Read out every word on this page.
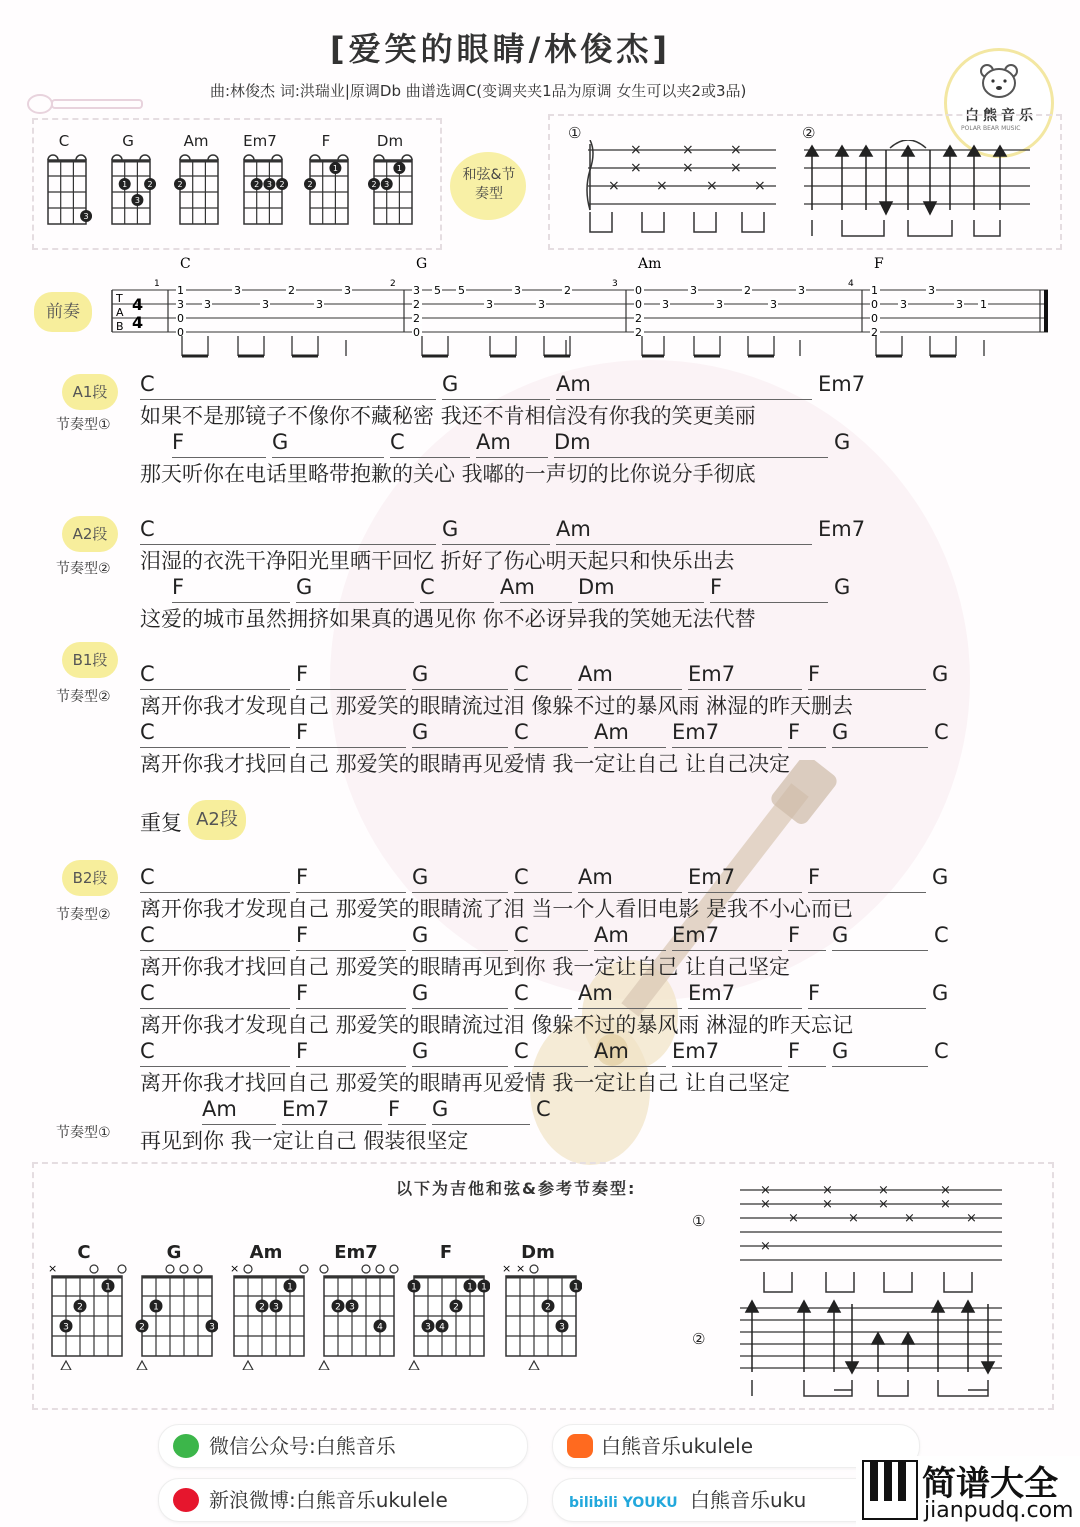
[爱笑的眼睛/林俊杰]
曲:林俊杰 词:洪瑞业|原调Db 曲谱选调C(变调夹夹1品为原调 女生可以夹2或3品)
白熊音乐
POLAR BEAR MUSIC
和弦&节奏型
①	②
×	×	×
×	×	×
×	×	×	×
前奏
A1段
节奏型①
A2段
节奏型②
B1段
节奏型②
重复 A2段
B2段
节奏型②
节奏型①
以下为吉他和弦&参考节奏型:
①
②
×	×	×	×
×	×	×	×
×	×	×	×
×
微信公众号:白熊音乐	白熊音乐ukulele
新浪微博:白熊音乐ukulele	bilibili YOUKU 白熊音乐uku	简谱大全
jianpudq.com
C
3
G
1	2
3
Am
2
Em7
2 3 2
F
2
1
Dm
2 3
1
T
A
B
4
4
1
C
2
G
3
Am
4
F
1
3
0
0
3
2
2
0
0
0
2
2
1
0
0
2
3
3
3
2
3
3	5 5
3
3
3
2
3
3
3
2
3
3
3
3
3 1
C	G	Am	Em7
如果不是那镜子不像你不藏秘密 我还不肯相信没有你我的笑更美丽
F	G	C	Am Dm	G
那天听你在电话里略带抱歉的关心 我嘟的一声切的比你说分手彻底
C	G	Am	Em7
泪湿的衣洗干净阳光里晒干回忆 折好了伤心明天起只和快乐出去
F	G	C	Am Dm	F	G
这爱的城市虽然拥挤如果真的遇见你 你不必讶异我的笑她无法代替
C	F	G	C Am	Em7	F	G
离开你我才发现自己 那爱笑的眼睛流过泪 像躲不过的暴风雨 淋湿的昨天删去
C	F	G	C	Am Em7	F G	C
离开你我才找回自己 那爱笑的眼睛再见爱情 我一定让自己 让自己决定
C	F	G	C Am	Em7	F	G
离开你我才发现自己 那爱笑的眼睛流了泪 当一个人看旧电影 是我不小心而已
C	F	G	C	Am Em7	F G	C
离开你我才找回自己 那爱笑的眼睛再见到你 我一定让自己 让自己坚定
C	F	G	C Am	Em7	F	G
离开你我才发现自己 那爱笑的眼睛流过泪 像躲不过的暴风雨 淋湿的昨天忘记
C	F	G	C	Am Em7	F G	C
离开你我才找回自己 那爱笑的眼睛再见爱情 我一定让自己 让自己坚定
Am Em7	F G	C
再见到你 我一定让自己 假装很坚定
C
×
1
2
3
G
1
2	3
Am
×
1
2 3
Em7
2 3
4
F
1	1 1
2
3 4
Dm
× ×
1
2
3
